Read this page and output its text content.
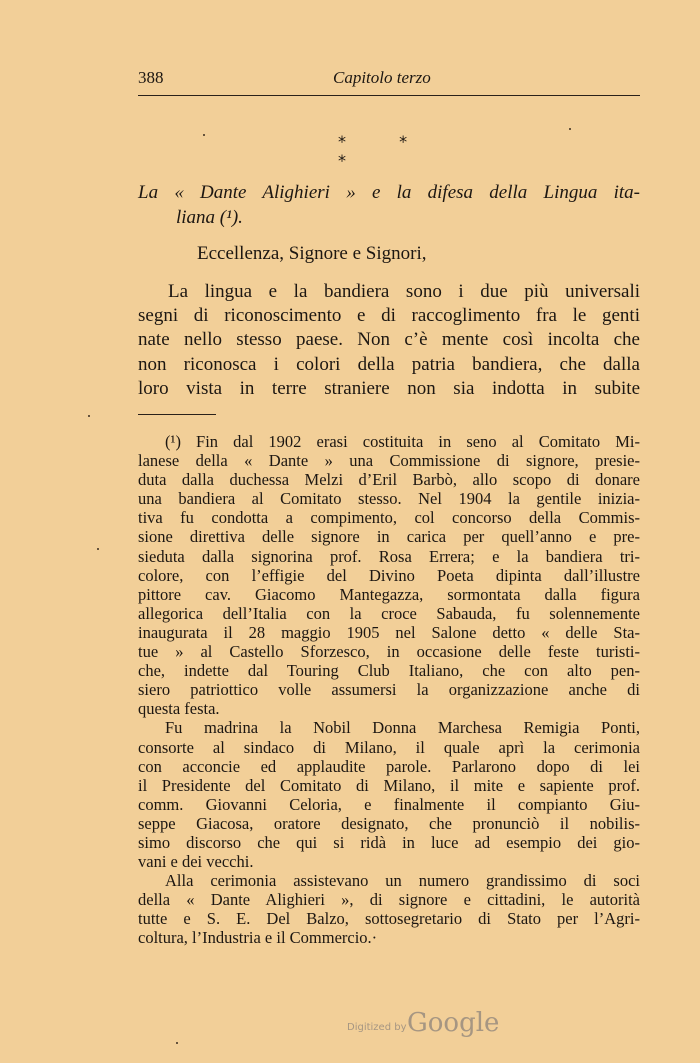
388	Capitolo terzo
* * *
La « Dante Alighieri » e la difesa della Lingua ita-
liana (¹).
Eccellenza, Signore e Signori,
La lingua e la bandiera sono i due più universali
segni di riconoscimento e di raccoglimento fra le genti
nate nello stesso paese. Non c’è mente così incolta che
non riconosca i colori della patria bandiera, che dalla
loro vista in terre straniere non sia indotta in subite
(¹) Fin dal 1902 erasi costituita in seno al Comitato Mi-
lanese della « Dante » una Commissione di signore, presie-
duta dalla duchessa Melzi d’Eril Barbò, allo scopo di donare
una bandiera al Comitato stesso. Nel 1904 la gentile inizia-
tiva fu condotta a compimento, col concorso della Commis-
sione direttiva delle signore in carica per quell’anno e pre-
sieduta dalla signorina prof. Rosa Errera; e la bandiera tri-
colore, con l’effigie del Divino Poeta dipinta dall’illustre
pittore cav. Giacomo Mantegazza, sormontata dalla figura
allegorica dell’Italia con la croce Sabauda, fu solennemente
inaugurata il 28 maggio 1905 nel Salone detto « delle Sta-
tue » al Castello Sforzesco, in occasione delle feste turisti-
che, indette dal Touring Club Italiano, che con alto pen-
siero patriottico volle assumersi la organizzazione anche di
questa festa.
Fu madrina la Nobil Donna Marchesa Remigia Ponti,
consorte al sindaco di Milano, il quale aprì la cerimonia
con acconcie ed applaudite parole. Parlarono dopo di lei
il Presidente del Comitato di Milano, il mite e sapiente prof.
comm. Giovanni Celoria, e finalmente il compianto Giu-
seppe Giacosa, oratore designato, che pronunciò il nobilis-
simo discorso che qui si ridà in luce ad esempio dei gio-
vani e dei vecchi.
Alla cerimonia assistevano un numero grandissimo di soci
della « Dante Alighieri », di signore e cittadini, le autorità
tutte e S. E. Del Balzo, sottosegretario di Stato per l’Agri-
coltura, l’Industria e il Commercio.·
Digitized by Google
